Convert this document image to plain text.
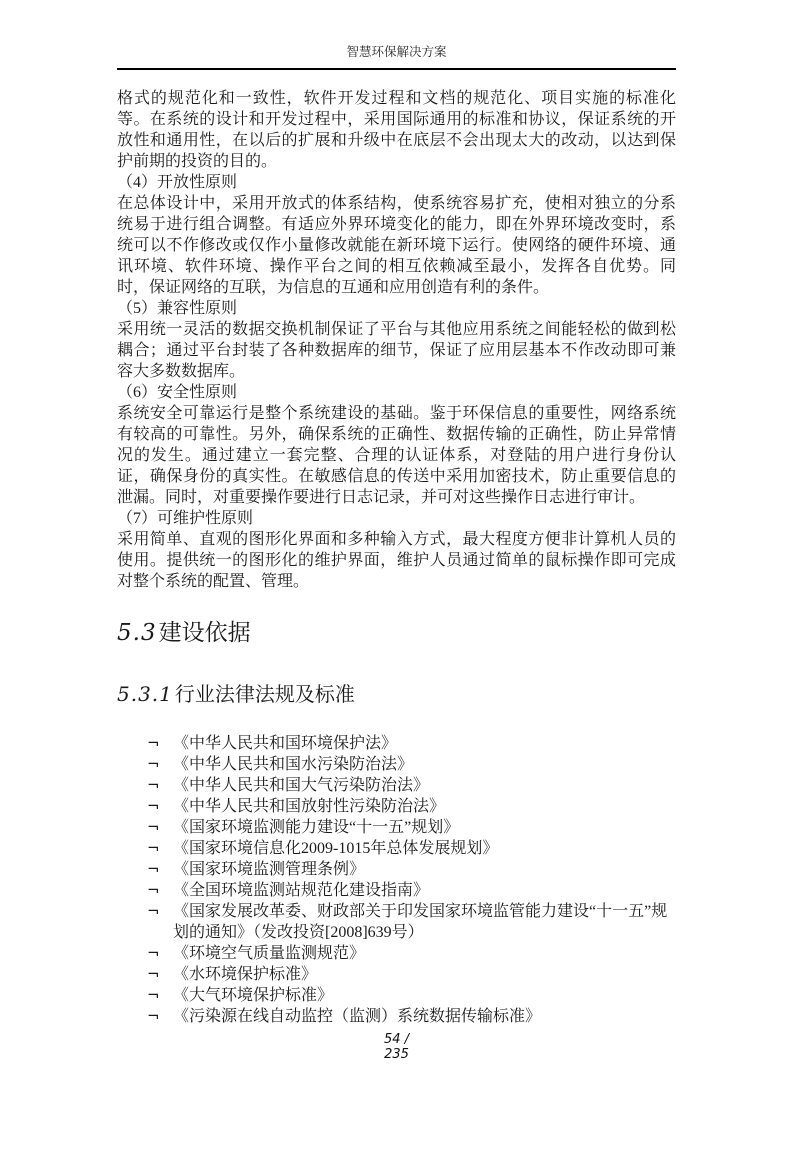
智慧环保解决方案

格式的规范化和一致性，软件开发过程和文档的规范化、项目实施的标准化等。在系统的设计和开发过程中，采用国际通用的标准和协议，保证系统的开放性和通用性，在以后的扩展和升级中在底层不会出现太大的改动，以达到保护前期的投资的目的。

（4）开放性原则

在总体设计中，采用开放式的体系结构，使系统容易扩充，使相对独立的分系统易于进行组合调整。有适应外界环境变化的能力，即在外界环境改变时，系统可以不作修改或仅作小量修改就能在新环境下运行。使网络的硬件环境、通讯环境、软件环境、操作平台之间的相互依赖减至最小，发挥各自优势。同时，保证网络的互联，为信息的互通和应用创造有利的条件。

（5）兼容性原则

采用统一灵活的数据交换机制保证了平台与其他应用系统之间能轻松的做到松耦合；通过平台封装了各种数据库的细节，保证了应用层基本不作改动即可兼容大多数数据库。

（6）安全性原则

系统安全可靠运行是整个系统建设的基础。鉴于环保信息的重要性，网络系统有较高的可靠性。另外，确保系统的正确性、数据传输的正确性，防止异常情况的发生。通过建立一套完整、合理的认证体系，对登陆的用户进行身份认证，确保身份的真实性。在敏感信息的传送中采用加密技术，防止重要信息的泄漏。同时，对重要操作要进行日志记录，并可对这些操作日志进行审计。

（7）可维护性原则

采用简单、直观的图形化界面和多种输入方式，最大程度方便非计算机人员的使用。提供统一的图形化的维护界面，维护人员通过简单的鼠标操作即可完成对整个系统的配置、管理。

5.3建设依据
5.3.1 行业法律法规及标准
¬ 《中华人民共和国环境保护法》
¬ 《中华人民共和国水污染防治法》
¬ 《中华人民共和国大气污染防治法》
¬ 《中华人民共和国放射性污染防治法》
¬ 《国家环境监测能力建设“十一五”规划》
¬ 《国家环境信息化2009-1015年总体发展规划》
¬ 《国家环境监测管理条例》
¬ 《全国环境监测站规范化建设指南》
¬ 《国家发展改革委、财政部关于印发国家环境监管能力建设“十一五”规划的通知》（发改投资[2008]639号）
¬ 《环境空气质量监测规范》
¬ 《水环境保护标准》
¬ 《大气环境保护标准》
¬ 《污染源在线自动监控（监测）系统数据传输标准》
54 /
235
